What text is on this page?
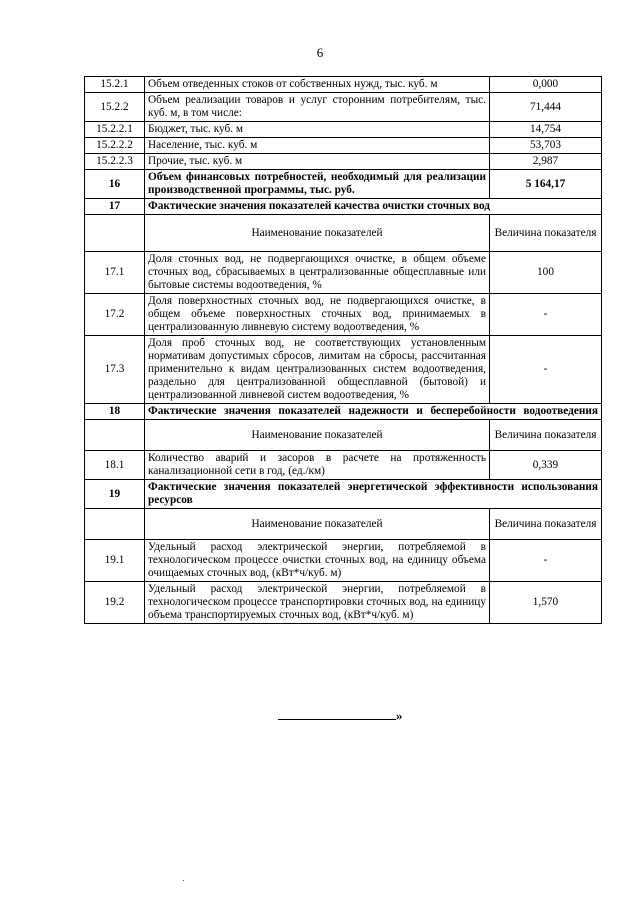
6
15.2.1	Объем отведенных стоков от собственных нужд, тыс. куб. м	0,000
15.2.2	Объем реализации товаров и услуг сторонним потребителям, тыс. куб. м, в том числе:	71,444
15.2.2.1	Бюджет, тыс. куб. м	14,754
15.2.2.2	Население, тыс. куб. м	53,703
15.2.2.3	Прочие, тыс. куб. м	2,987
16	Объем финансовых потребностей, необходимый для реализации производственной программы, тыс. руб.	5 164,17
17	Фактические значения показателей качества очистки сточных вод	
	Наименование показателей	Величина показателя
17.1	Доля сточных вод, не подвергающихся очистке, в общем объеме сточных вод, сбрасываемых в централизованные общесплавные или бытовые системы водоотведения, %	100
17.2	Доля поверхностных сточных вод, не подвергающихся очистке, в общем объеме поверхностных сточных вод, принимаемых в централизованную ливневую систему водоотведения, %	-
17.3	Доля проб сточных вод, не соответствующих установленным нормативам допустимых сбросов, лимитам на сбросы, рассчитанная применительно к видам централизованных систем водоотведения, раздельно для централизованной общесплавной (бытовой) и централизованной ливневой систем водоотведения, %	-
18	Фактические значения показателей надежности и бесперебойности водоотведения	
	Наименование показателей	Величина показателя
18.1	Количество аварий и засоров в расчете на протяженность канализационной сети в год, (ед./км)	0,339
19	Фактические значения показателей энергетической эффективности использования ресурсов	
	Наименование показателей	Величина показателя
19.1	Удельный расход электрической энергии, потребляемой в технологическом процессе очистки сточных вод, на единицу объема очищаемых сточных вод, (кВт*ч/куб. м)	-
19.2	Удельный расход электрической энергии, потребляемой в технологическом процессе транспортировки сточных вод, на единицу объема транспортируемых сточных вод, (кВт*ч/куб. м)	1,570
»
